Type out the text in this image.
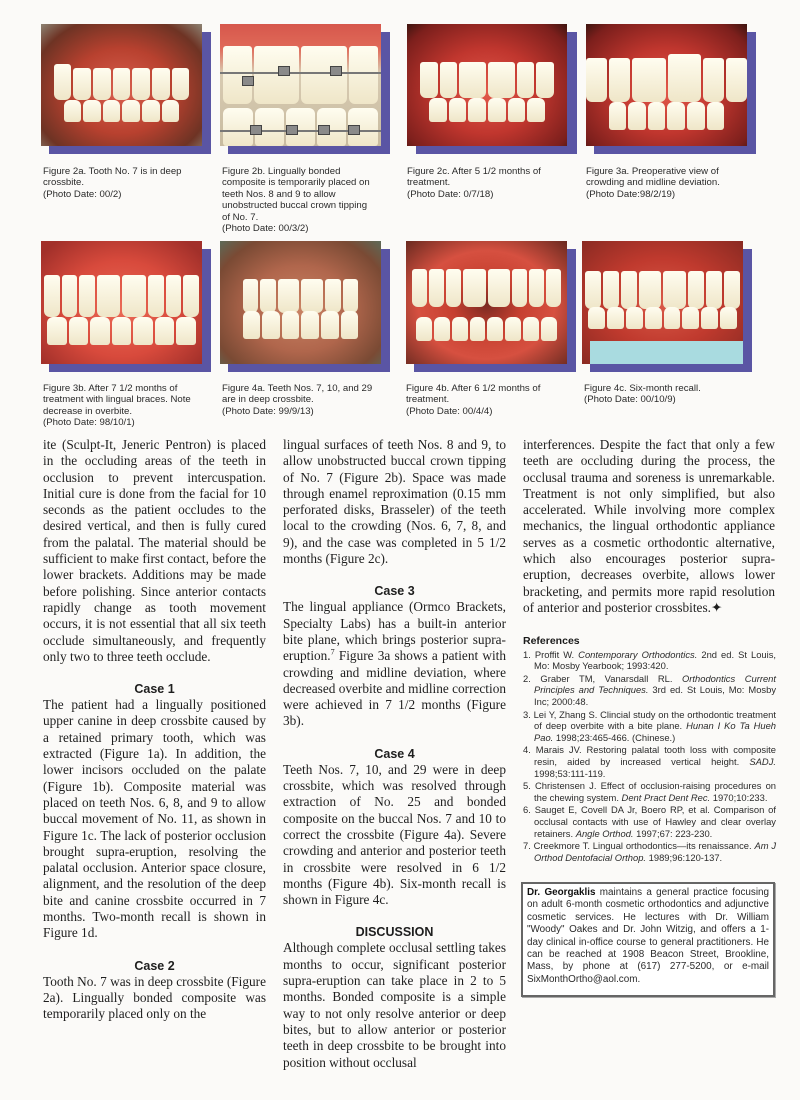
Figure 2a. Tooth No. 7 is in deep crossbite.
(Photo Date: 00/2)
Figure 2b. Lingually bonded composite is temporarily placed on teeth Nos. 8 and 9 to allow unobstructed buccal crown tipping of No. 7.
(Photo Date: 00/3/2)
Figure 2c. After 5 1/2 months of treatment.
(Photo Date: 0/7/18)
Figure 3a. Preoperative view of crowding and midline deviation.
(Photo Date:98/2/19)
Figure 3b. After 7 1/2 months of treatment with lingual braces. Note decrease in overbite.
(Photo Date: 98/10/1)
Figure 4a. Teeth Nos. 7, 10, and 29 are in deep crossbite.
(Photo Date: 99/9/13)
Figure 4b. After 6 1/2 months of treatment.
(Photo Date: 00/4/4)
Figure 4c. Six-month recall.
(Photo Date: 00/10/9)

ite (Sculpt-It, Jeneric Pentron) is placed in the occluding areas of the teeth in occlusion to prevent intercuspation. Initial cure is done from the facial for 10 seconds as the patient occludes to the desired vertical, and then is fully cured from the palatal. The material should be sufficient to make first contact, before the lower brackets. Additions may be made before polishing. Since anterior contacts rapidly change as tooth movement occurs, it is not essential that all six teeth occlude simultaneously, and frequently only two to three teeth occlude.

Case 1

The patient had a lingually positioned upper canine in deep crossbite caused by a retained primary tooth, which was extracted (Figure 1a). In addition, the lower incisors occluded on the palate (Figure 1b). Composite material was placed on teeth Nos. 6, 8, and 9 to allow buccal movement of No. 11, as shown in Figure 1c. The lack of posterior occlusion brought supra-eruption, resolving the palatal occlusion. Anterior space closure, alignment, and the resolution of the deep bite and canine crossbite occurred in 7 months. Two-month recall is shown in Figure 1d.

Case 2

Tooth No. 7 was in deep crossbite (Figure 2a). Lingually bonded composite was temporarily placed only on the

lingual surfaces of teeth Nos. 8 and 9, to allow unobstructed buccal crown tipping of No. 7 (Figure 2b). Space was made through enamel reproximation (0.15 mm perforated disks, Brasseler) of the teeth local to the crowding (Nos. 6, 7, 8, and 9), and the case was completed in 5 1/2 months (Figure 2c).

Case 3

The lingual appliance (Ormco Brackets, Specialty Labs) has a built-in anterior bite plane, which brings posterior supra-eruption.$^7$ Figure 3a shows a patient with crowding and midline deviation, where decreased overbite and midline correction were achieved in 7 1/2 months (Figure 3b).

Case 4

Teeth Nos. 7, 10, and 29 were in deep crossbite, which was resolved through extraction of No. 25 and bonded composite on the buccal Nos. 7 and 10 to correct the crossbite (Figure 4a). Severe crowding and anterior and posterior teeth in crossbite were resolved in 6 1/2 months (Figure 4b). Six-month recall is shown in Figure 4c.

DISCUSSION

Although complete occlusal settling takes months to occur, significant posterior supra-eruption can take place in 2 to 5 months. Bonded composite is a simple way to not only resolve anterior or deep bites, but to allow anterior or posterior teeth in deep crossbite to be brought into position without occlusal

interferences. Despite the fact that only a few teeth are occluding during the process, the occlusal trauma and soreness is unremarkable. Treatment is not only simplified, but also accelerated. While involving more complex mechanics, the lingual orthodontic appliance serves as a cosmetic orthodontic alternative, which also encourages posterior supra-eruption, decreases overbite, allows lower bracketing, and permits more rapid resolution of anterior and posterior crossbites.✦

References
1. Proffit W. Contemporary Orthodontics. 2nd ed. St Louis, Mo: Mosby Yearbook; 1993:420.
2. Graber TM, Vanarsdall RL. Orthodontics Current Principles and Techniques. 3rd ed. St Louis, Mo: Mosby Inc; 2000:48.
3. Lei Y, Zhang S. Clincial study on the orthodontic treatment of deep overbite with a bite plane. Hunan I Ko Ta Hueh Pao. 1998;23:465-466. (Chinese.)
4. Marais JV. Restoring palatal tooth loss with composite resin, aided by increased vertical height. SADJ. 1998;53:111-119.
5. Christensen J. Effect of occlusion-raising procedures on the chewing system. Dent Pract Dent Rec. 1970;10:233.
6. Sauget E, Covell DA Jr, Boero RP, et al. Comparison of occlusal contacts with use of Hawley and clear overlay retainers. Angle Orthod. 1997;67: 223-230.
7. Creekmore T. Lingual orthodontics—its renaissance. Am J Orthod Dentofacial Orthop. 1989;96:120-137.
Dr. Georgaklis maintains a general practice focusing on adult 6-month cosmetic orthodontics and adjunctive cosmetic services. He lectures with Dr. William "Woody" Oakes and Dr. John Witzig, and offers a 1-day clinical in-office course to general practitioners. He can be reached at 1908 Beacon Street, Brookline, Mass, by phone at (617) 277-5200, or e-mail SixMonthOrtho@aol.com.
